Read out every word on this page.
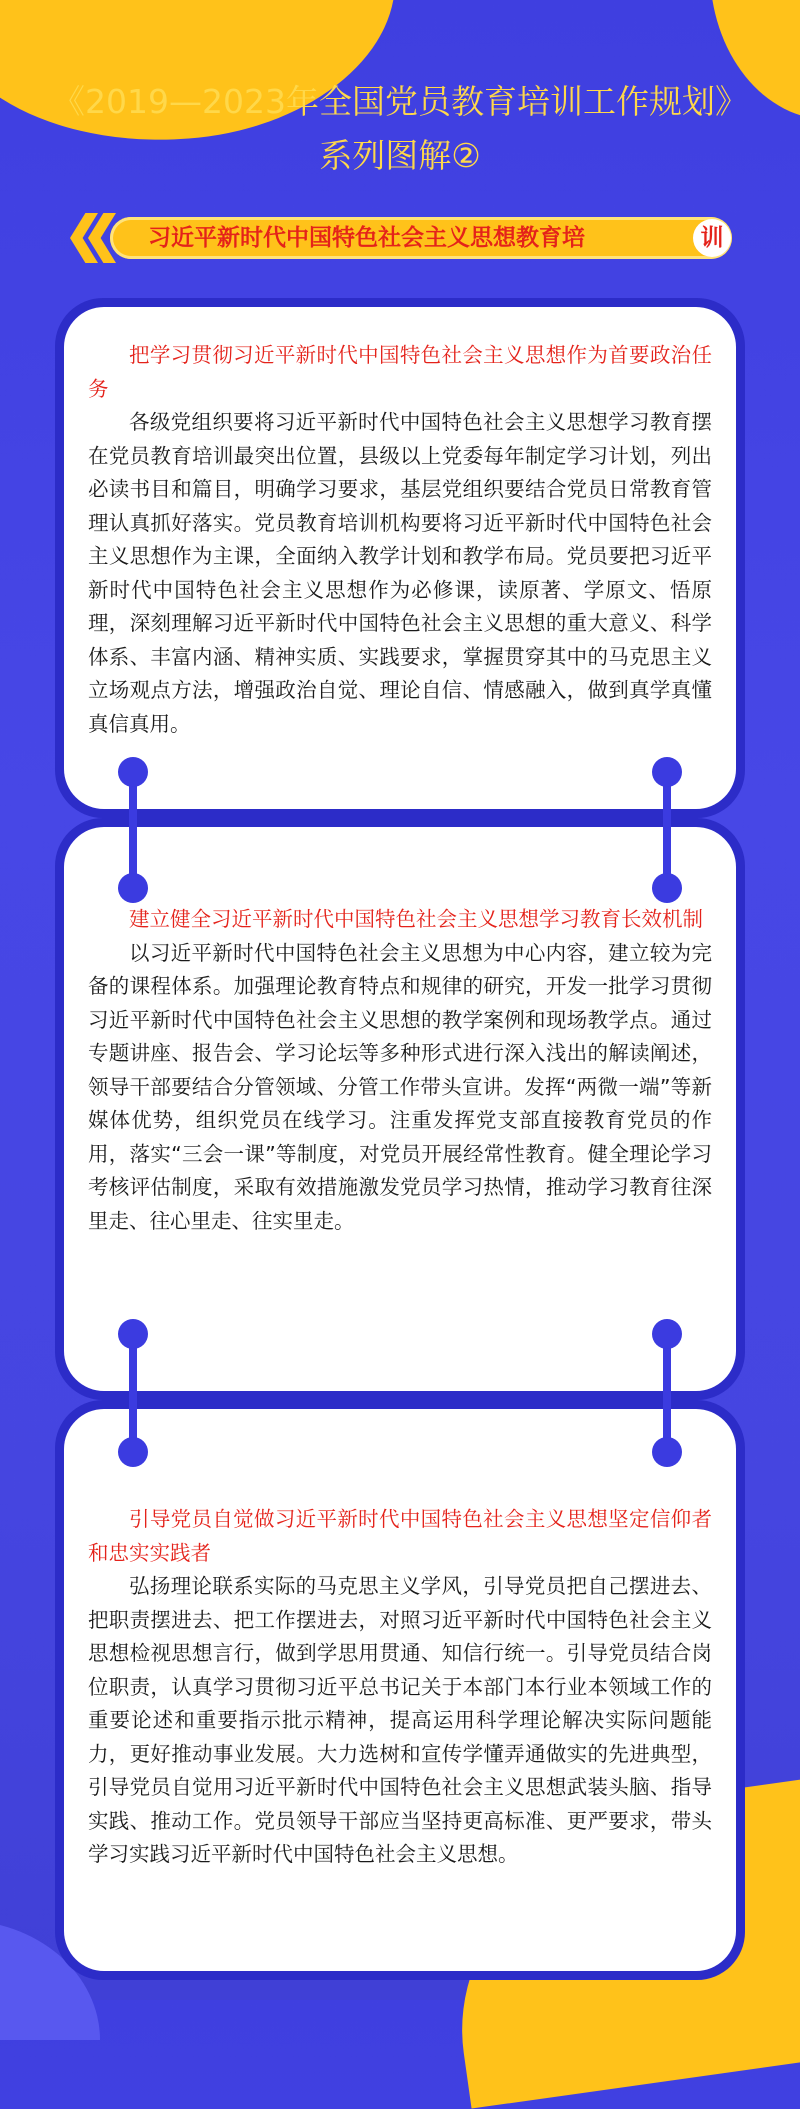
《2019—2023年全国党员教育培训工作规划》
系列图解②
习近平新时代中国特色社会主义思想教育培	训
把学习贯彻习近平新时代中国特色社会主义思想作为首要政治任务
各级党组织要将习近平新时代中国特色社会主义思想学习教育摆在党员教育培训最突出位置，县级以上党委每年制定学习计划，列出必读书目和篇目，明确学习要求，基层党组织要结合党员日常教育管理认真抓好落实。党员教育培训机构要将习近平新时代中国特色社会主义思想作为主课，全面纳入教学计划和教学布局。党员要把习近平新时代中国特色社会主义思想作为必修课，读原著、学原文、悟原理，深刻理解习近平新时代中国特色社会主义思想的重大意义、科学体系、丰富内涵、精神实质、实践要求，掌握贯穿其中的马克思主义立场观点方法，增强政治自觉、理论自信、情感融入，做到真学真懂真信真用。
建立健全习近平新时代中国特色社会主义思想学习教育长效机制
以习近平新时代中国特色社会主义思想为中心内容，建立较为完备的课程体系。加强理论教育特点和规律的研究，开发一批学习贯彻习近平新时代中国特色社会主义思想的教学案例和现场教学点。通过专题讲座、报告会、学习论坛等多种形式进行深入浅出的解读阐述，领导干部要结合分管领域、分管工作带头宣讲。发挥“两微一端”等新媒体优势，组织党员在线学习。注重发挥党支部直接教育党员的作用，落实“三会一课”等制度，对党员开展经常性教育。健全理论学习考核评估制度，采取有效措施激发党员学习热情，推动学习教育往深里走、往心里走、往实里走。
引导党员自觉做习近平新时代中国特色社会主义思想坚定信仰者和忠实实践者
弘扬理论联系实际的马克思主义学风，引导党员把自己摆进去、把职责摆进去、把工作摆进去，对照习近平新时代中国特色社会主义思想检视思想言行，做到学思用贯通、知信行统一。引导党员结合岗位职责，认真学习贯彻习近平总书记关于本部门本行业本领域工作的重要论述和重要指示批示精神，提高运用科学理论解决实际问题能力，更好推动事业发展。大力选树和宣传学懂弄通做实的先进典型，引导党员自觉用习近平新时代中国特色社会主义思想武装头脑、指导实践、推动工作。党员领导干部应当坚持更高标准、更严要求，带头学习实践习近平新时代中国特色社会主义思想。
